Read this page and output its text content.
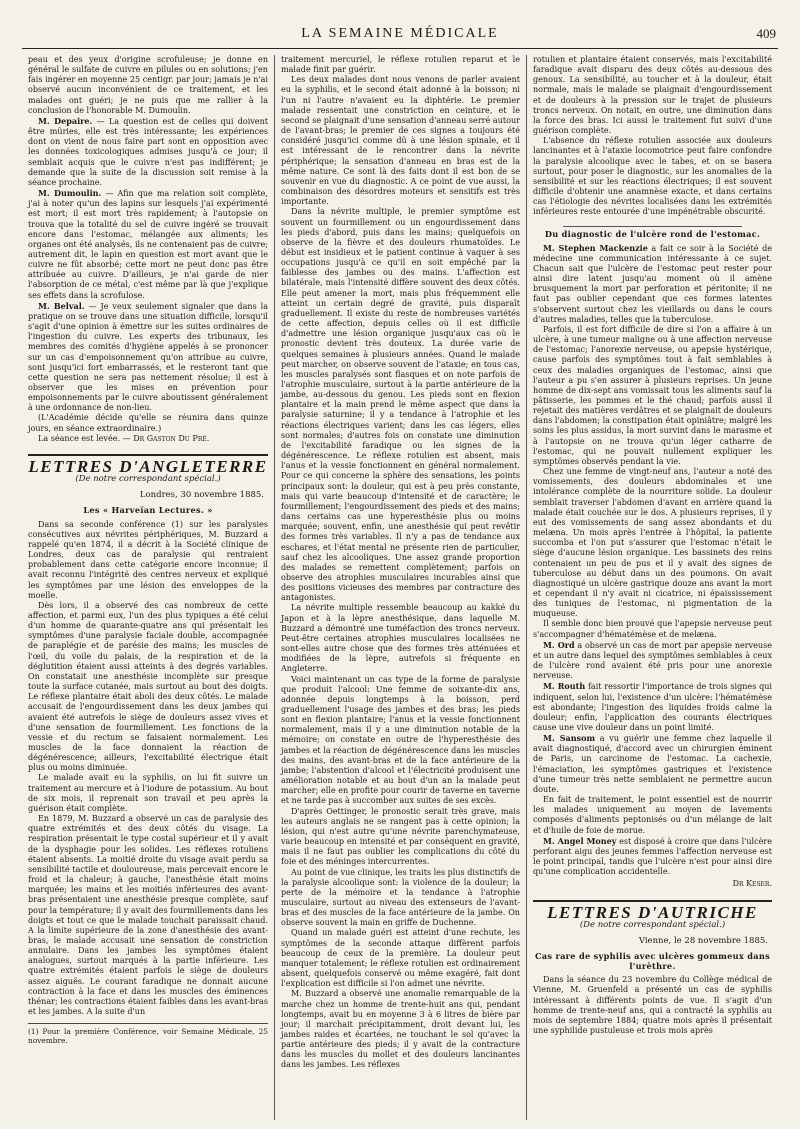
LA SEMAINE MÉDICALE	409

peau et des yeux d'origine scrofuleuse; je donne en général le sulfate de cuivre en pilules ou en solutions; j'en fais ingérer en moyenne 25 centigr. par jour; jamais je n'ai observé aucun inconvénient de ce traitement, et les malades ont guéri; je ne puis que me rallier à la conclusion de l'honorable M. Dumoulin.

M. Depaire. — La question est de celles qui doivent être mûries, elle est très intéressante; les expériences dont on vient de nous faire part sont en opposition avec les données toxicologiques admises jusqu'à ce jour; il semblait acquis que le cuivre n'est pas indifférent; je demande que la suite de la discussion soit remise à la séance prochaine.

M. Dumoulin. — Afin que ma relation soit complète, j'ai à noter qu'un des lapins sur lesquels j'ai expérimenté est mort; il est mort très rapidement; à l'autopsie on trouva que la totalité du sel de cuivre ingéré se trouvait encore dans l'estomac, mélangée aux aliments; les organes ont été analysés, ils ne contenaient pas de cuivre; autrement dit, le lapin en question est mort avant que le cuivre ne fût absorbé; cette mort ne peut donc pas être attribuée au cuivre. D'ailleurs, je n'ai garde de nier l'absorption de ce métal, c'est même par là que j'explique ses effets dans la scrofulose.

M. Belval. — Je veux seulement signaler que dans la pratique on se trouve dans une situation difficile, lorsqu'il s'agit d'une opinion à émettre sur les suites ordinaires de l'ingestion du cuivre. Les experts des tribunaux, les membres des comités d'hygiène appelés à se prononcer sur un cas d'empoisonnement qu'on attribue au cuivre, sont jusqu'ici fort embarrassés, et le resteront tant que cette question ne sera pas nettement résolue; il est à observer que les mises en prévention pour empoisonnements par le cuivre aboutissent généralement à une ordonnance de non-lieu.

(L'Académie décide qu'elle se réunira dans quinze jours, en séance extraordinaire.)

La séance est levée. — Dr Gaston Du Pré.

LETTRES D'ANGLETERRE
(De notre correspondant spécial.)
Londres, 30 novembre 1885.
Les « Harveïan Lectures. »

Dans sa seconde conférence (1) sur les paralysies consécutives aux névrites périphériques, M. Buzzard a rappelé qu'en 1874, il a décrit à la Société clinique de Londres, deux cas de paralysie qui rentraient probablement dans cette catégorie encore inconnue; il avait reconnu l'intégrité des centres nerveux et expliqué les symptômes par une lésion des enveloppes de la moelle.

Dès lors, il a observé des cas nombreux de cette affection, et parmi eux, l'un des plus typiques a été celui d'un homme de quarante-quatre ans qui présentait les symptômes d'une paralysie faciale double, accompagnée de paraplégie et de parésie des mains; les muscles de l'œil, du voile du palais, de la respiration et de la déglutition étaient aussi atteints à des degrés variables. On constatait une anesthésie incomplète sur presque toute la surface cutanée, mais surtout au bout des doigts. Le réflexe plantaire était aboli des deux côtés. Le malade accusait de l'engourdissement dans les deux jambes qui avaient été autrefois le siège de douleurs assez vives et d'une sensation de fourmillement. Les fonctions de la vessie et du rectum se faisaient normalement. Les muscles de la face donnaient la réaction de dégénérescence; ailleurs, l'excitabilité électrique était plus ou moins diminuée.

Le malade avait eu la syphilis, on lui fit suivre un traitement au mercure et à l'iodure de potassium. Au bout de six mois, il reprenait son travail et peu après la guérison était complète.

En 1879, M. Buzzard a observé un cas de paralysie des quatre extrémités et des deux côtés du visage. La respiration présentait le type costal supérieur et il y avait de la dysphagie pour les solides. Les réflexes rotuliens étaient absents. La moitié droite du visage avait perdu sa sensibilité tactile et douloureuse, mais percevait encore le froid et la chaleur; à gauche, l'anesthésie était moins marquée; les mains et les moitiés inférieures des avant-bras présentaient une anesthésie presque complète, sauf pour la température; il y avait des fourmillements dans les doigts et tout ce que le malade touchait paraissait chaud. A la limite supérieure de la zone d'anesthésie des avant-bras, le malade accusait une sensation de constriction annulaire. Dans les jambes les symptômes étaient analogues, surtout marqués à la partie inférieure. Les quatre extrémités étaient parfois le siège de douleurs assez aiguës. Le courant faradique ne donnait aucune contraction à la face et dans les muscles des éminences thénar; les contractions étaient faibles dans les avant-bras et les jambes. A la suite d'un

(1) Pour la première Conférence, voir Semaine Médicale, 25 novembre.

traitement mercuriel, le réflexe rotulien reparut et le malade finit par guérir.

Les deux malades dont nous venons de parler avaient eu la syphilis, et le second était adonné à la boisson; ni l'un ni l'autre n'avaient eu la diphtérie. Le premier malade ressentait une constriction en ceinture, et le second se plaignait d'une sensation d'anneau serré autour de l'avant-bras; le premier de ces signes a toujours été considéré jusqu'ici comme dû à une lésion spinale, et il est intéressant de le rencontrer dans la névrite périphérique; la sensation d'anneau en bras est de la même nature. Ce sont là des faits dont il est bon de se souvenir en vue du diagnostic. A ce point de vue aussi, la combinaison des désordres moteurs et sensitifs est très importante.

Dans la névrite multiple, le premier symptôme est souvent un fourmillement ou un engourdissement dans les pieds d'abord, puis dans les mains; quelquefois on observe de la fièvre et des douleurs rhumatoïdes. Le début est insidieux et le patient continue à vaquer à ses occupations jusqu'à ce qu'il en soit empêché par la faiblesse des jambes ou des mains. L'affection est bilatérale, mais l'intensité diffère souvent des deux côtés. Elle peut amener la mort, mais plus fréquemment elle atteint un certain degré de gravité, puis disparaît graduellement. Il existe du reste de nombreuses variétés de cette affection, depuis celles où il est difficile d'admettre une lésion organique jusqu'aux cas où le pronostic devient très douteux. La durée varie de quelques semaines à plusieurs années. Quand le malade peut marcher, on observe souvent de l'ataxie; en tous cas, les muscles paralysés sont flasques et on note parfois de l'atrophie musculaire, surtout à la partie antérieure de la jambe, au-dessous du genou. Les pieds sont en flexion plantaire et la main prend le même aspect que dans la paralysie saturnine; il y a tendance à l'atrophie et les réactions électriques varient; dans les cas légers, elles sont normales; d'autres fois on constate une diminution de l'excitabilité faradique ou les signes de la dégénérescence. Le réflexe rotulien est absent, mais l'anus et la vessie fonctionnent en général normalement. Pour ce qui concerne la sphère des sensations, les points principaux sont: la douleur, qui est à peu près constante, mais qui varie beaucoup d'intensité et de caractère; le fourmillement; l'engourdissement des pieds et des mains; dans certains cas une hyperesthésie plus ou moins marquée; souvent, enfin, une anesthésie qui peut revêtir des formes très variables. Il n'y a pas de tendance aux eschares, et l'état mental ne présente rien de particulier, sauf chez les alcooliques. Une assez grande proportion des malades se remettent complètement; parfois on observe des atrophies musculaires incurables ainsi que des positions vicieuses des membres par contracture des antagonistes.

La névrite multiple ressemble beaucoup au kakké du Japon et à la lèpre anesthésique, dans laquelle M. Buzzard a démontré une tuméfaction des troncs nerveux. Peut-être certaines atrophies musculaires localisées ne sont-elles autre chose que des formes très atténuées et modifiées de la lèpre, autrefois si fréquente en Angleterre.

Voici maintenant un cas type de la forme de paralysie que produit l'alcool: Une femme de soixante-dix ans, adonnée depuis longtemps à la boisson, perd graduellement l'usage des jambes et des bras; les pieds sont en flexion plantaire; l'anus et la vessie fonctionnent normalement, mais il y a une diminution notable de la mémoire; on constate en outre de l'hyperesthésie des jambes et la réaction de dégénérescence dans les muscles des mains, des avant-bras et de la face antérieure de la jambe; l'abstention d'alcool et l'électricité produisent une amélioration notable et au bout d'un an la malade peut marcher; elle en profite pour courir de taverne en taverne et ne tarde pas à succomber aux suites de ses excès.

D'après Oettinger, le pronostic serait très grave, mais les auteurs anglais ne se rangent pas à cette opinion; la lésion, qui n'est autre qu'une névrite parenchymateuse, varie beaucoup en intensité et par conséquent en gravité, mais il ne faut pas oublier les complications du côté du foie et des méninges intercurrentes.

Au point de vue clinique, les traits les plus distinctifs de la paralysie alcoolique sont: la violence de la douleur; la perte de la mémoire et la tendance à l'atrophie musculaire, surtout au niveau des extenseurs de l'avant-bras et des muscles de la face antérieure de la jambe. On observe souvent la main en griffe de Duchenne.

Quand un malade guéri est atteint d'une rechute, les symptômes de la seconde attaque diffèrent parfois beaucoup de ceux de la première. La douleur peut manquer totalement; le réflexe rotulien est ordinairement absent, quelquefois conservé ou même exagéré, fait dont l'explication est difficile si l'on admet une névrite.

M. Buzzard a observé une anomalie remarquable de la marche chez un homme de trente-huit ans qui, pendant longtemps, avait bu en moyenne 3 à 6 litres de bière par jour; il marchait précipitamment, droit devant lui, les jambes raides et écartées, ne touchant le sol qu'avec la partie antérieure des pieds; il y avait de la contracture dans les muscles du mollet et des douleurs lancinantes dans les jambes. Les réflexes

rotulien et plantaire étaient conservés, mais l'excitabilité faradique avait disparu des deux côtés au-dessous des genoux. La sensibilité, au toucher et à la douleur, était normale, mais le malade se plaignait d'engourdissement et de douleurs à la pression sur le trajet de plusieurs troncs nerveux. On notait, en outre, une diminution dans la force des bras. Ici aussi le traitement fut suivi d'une guérison complète.

L'absence du réflexe rotulien associée aux douleurs lancinantes et à l'ataxie locomotrice peut faire confondre la paralysie alcoolique avec le tabes, et on se basera surtout, pour poser le diagnostic, sur les anomalies de la sensibilité et sur les réactions électriques; il est souvent difficile d'obtenir une anamnèse exacte, et dans certains cas l'étiologie des névrites localisées dans les extrémités inférieures reste entourée d'une impénétrable obscurité.

Du diagnostic de l'ulcère rond de l'estomac.

M. Stephen Mackenzie a fait ce soir à la Société de médecine une communication intéressante à ce sujet. Chacun sait que l'ulcère de l'estomac peut rester pour ainsi dire latent jusqu'au moment où il amène brusquement la mort par perforation et péritonite; il ne faut pas oublier cependant que ces formes latentes s'observent surtout chez les vieillards ou dans le cours d'autres maladies, telles que la tuberculose.

Parfois, il est fort difficile de dire si l'on a affaire à un ulcère, à une tumeur maligne ou à une affection nerveuse de l'estomac; l'anorexie nerveuse, ou apepsie hystérique, cause parfois des symptômes tout à fait semblables à ceux des maladies organiques de l'estomac, ainsi que l'auteur a pu s'en assurer à plusieurs reprises. Un jeune homme de dix-sept ans vomissait tous les aliments sauf la pâtisserie, les pommes et le thé chaud; parfois aussi il rejetait des matières verdâtres et se plaignait de douleurs dans l'abdomen; la constipation était opiniâtre; malgré les soins les plus assidus, la mort survint dans le marasme et à l'autopsie on ne trouva qu'un léger catharre de l'estomac, qui ne pouvait nullement expliquer les symptômes observés pendant la vie.

Chez une femme de vingt-neuf ans, l'auteur a noté des vomissements, des douleurs abdominales et une intolérance complète de la nourriture solide. La douleur semblait traverser l'abdomen d'avant en arrière quand la malade était couchée sur le dos. A plusieurs reprises, il y eut des vomissements de sang assez abondants et du melæna. Un mois après l'entrée à l'hôpital, la patiente succomba et l'on put s'assurer que l'estomac n'était le siège d'aucune lésion organique. Les bassinets des reins contenaient un peu de pus et il y avait des signes de tuberculose au début dans un des poumons. On avait diagnostiqué un ulcère gastrique douze ans avant la mort et cependant il n'y avait ni cicatrice, ni épaississement des tuniques de l'estomac, ni pigmentation de la muqueuse.

Il semble donc bien prouvé que l'apepsie nerveuse peut s'accompagner d'hématémèse et de melæna.

M. Ord a observé un cas de mort par apepsie nerveuse et un autre dans lequel des symptômes semblables à ceux de l'ulcère rond avaient été pris pour une anorexie nerveuse.

M. Routh fait ressortir l'importance de trois signes qui indiquent, selon lui, l'existence d'un ulcère: l'hématémèse est abondante; l'ingestion des liquides froids calme la douleur; enfin, l'application des courants électriques cause une vive douleur dans un point limité.

M. Sansom a vu guérir une femme chez laquelle il avait diagnostiqué, d'accord avec un chirurgien éminent de Paris, un carcinome de l'estomac. La cachexie, l'émaciation, les symptômes gastriques et l'existence d'une tumeur très nette semblaient ne permettre aucun doute.

En fait de traitement, le point essentiel est de nourrir les malades uniquement au moyen de lavements composés d'aliments peptonisés ou d'un mélange de lait et d'huile de foie de morue.

M. Angel Money est disposé à croire que dans l'ulcère perforant aigu des jeunes femmes l'affection nerveuse est le point principal, tandis que l'ulcère n'est pour ainsi dire qu'une complication accidentelle.

Dr Keser.
LETTRES D'AUTRICHE
(De notre correspondant spécial.)
Vienne, le 28 novembre 1885.
Cas rare de syphilis avec ulcères gommeux dans l'urèthre.

Dans la séance du 23 novembre du Collège médical de Vienne, M. Gruenfeld a présenté un cas de syphilis intéressant à différents points de vue. Il s'agit d'un homme de trente-neuf ans, qui a contracté la syphilis au mois de septembre 1884; quatre mois après il présentait une syphilide pustuleuse et trois mois après
